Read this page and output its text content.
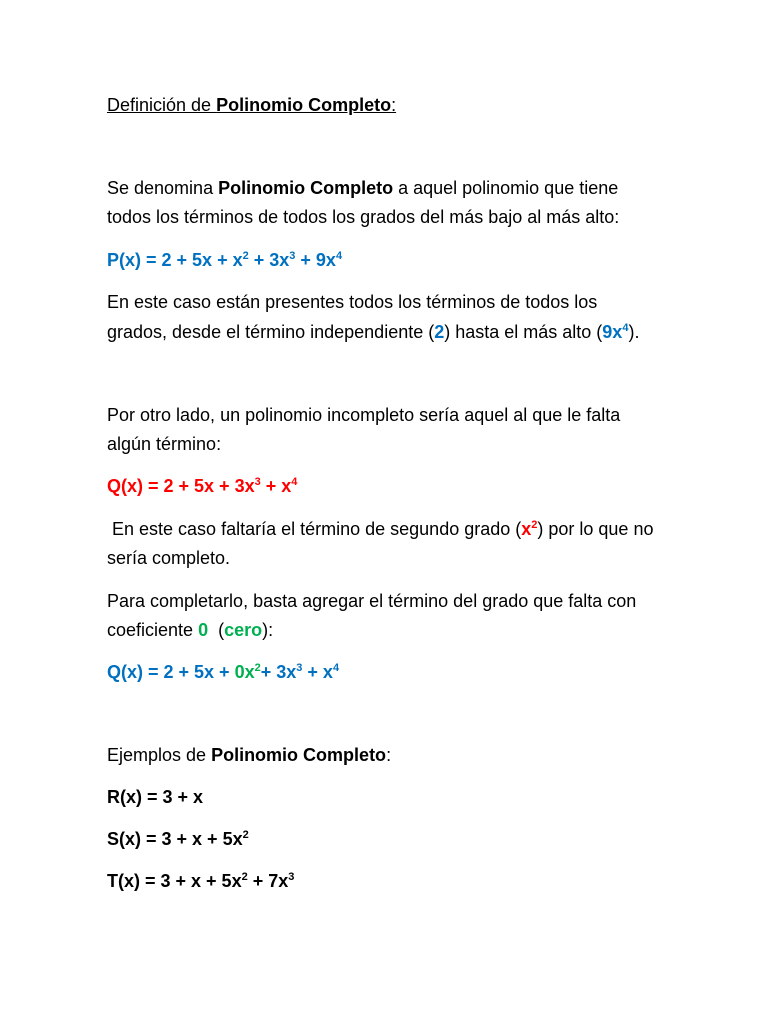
Definición de Polinomio Completo:
Se denomina Polinomio Completo a aquel polinomio que tiene
todos los términos de todos los grados del más bajo al más alto:
$P(x) = 2 + 5x + x^2 + 3x^3 + 9x^4$
En este caso están presentes todos los términos de todos los
grados, desde el término independiente (2) hasta el más alto $(9x^4)$.
Por otro lado, un polinomio incompleto sería aquel al que le falta
algún término:
$Q(x) = 2 + 5x + 3x^3 + x^4$
En este caso faltaría el término de segundo grado $(x^2)$ por lo que no
sería completo.
Para completarlo, basta agregar el término del grado que falta con
coeficiente 0  (cero):
$Q(x) = 2 + 5x + 0x^2+ 3x^3 + x^4$
Ejemplos de Polinomio Completo:
R(x) = 3 + x
$S(x) = 3 + x + 5x^2$
$T(x) = 3 + x + 5x^2 + 7x^3$
